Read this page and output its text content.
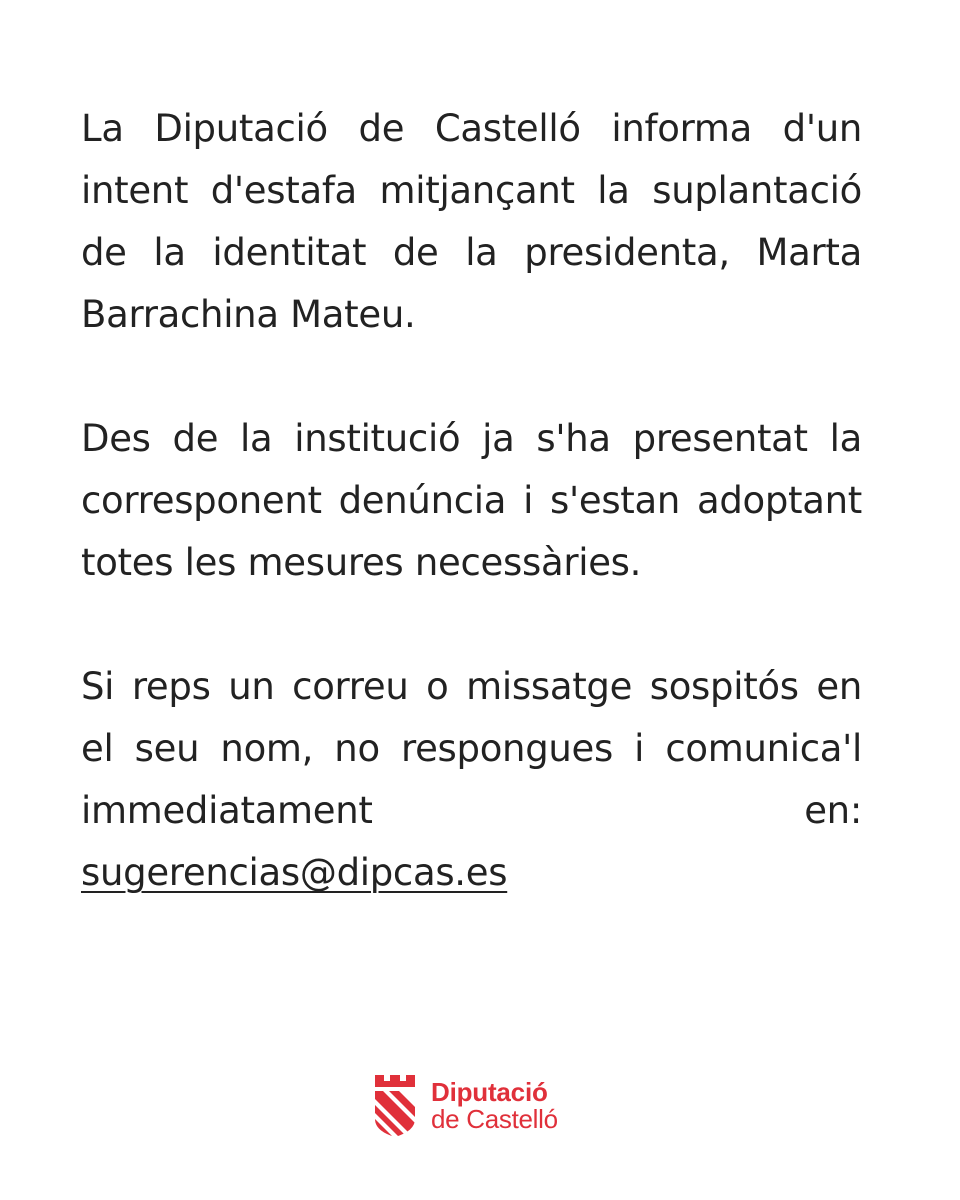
La Diputació de Castelló informa d'un intent d'estafa mitjançant la suplantació de la identitat de la presidenta, Marta Barrachina Mateu.

Des de la institució ja s'ha presentat la corresponent denúncia i s'estan adoptant totes les mesures necessàries.

Si reps un correu o missatge sospitós en el seu nom, no respongues i comunica'l immediatament en: sugerencias@dipcas.es

Diputació
de Castelló
